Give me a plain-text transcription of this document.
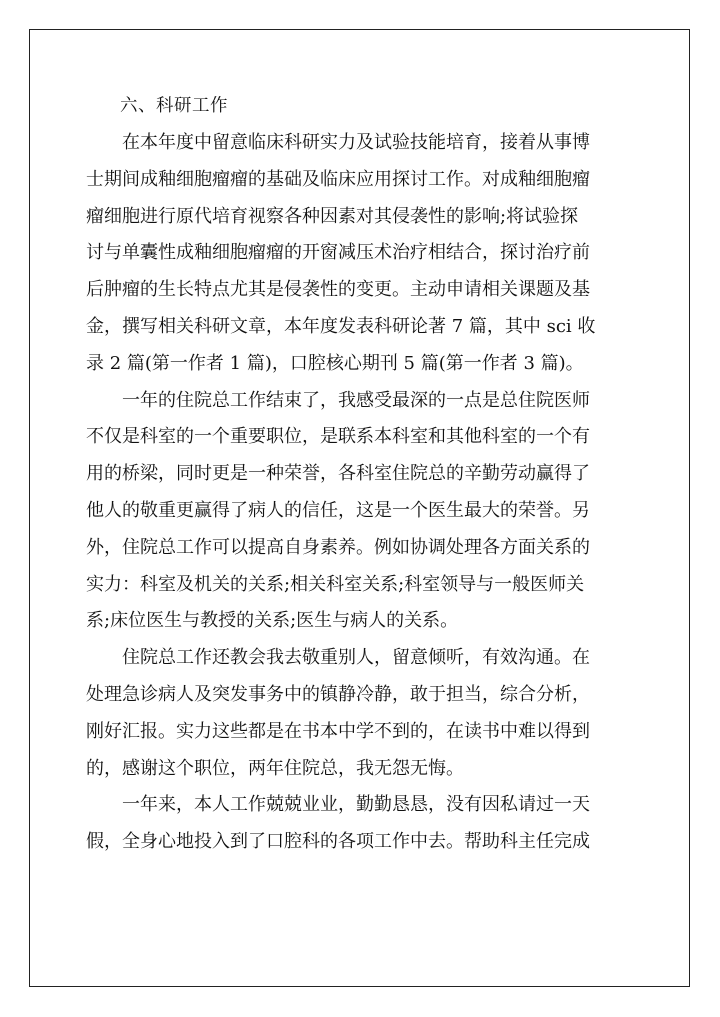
六、科研工作
在本年度中留意临床科研实力及试验技能培育，接着从事博
士期间成釉细胞瘤瘤的基础及临床应用探讨工作。对成釉细胞瘤
瘤细胞进行原代培育视察各种因素对其侵袭性的影响;将试验探
讨与单囊性成釉细胞瘤瘤的开窗减压术治疗相结合，探讨治疗前
后肿瘤的生长特点尤其是侵袭性的变更。主动申请相关课题及基
金，撰写相关科研文章，本年度发表科研论著 7 篇，其中 sci 收
录 2 篇(第一作者 1 篇)，口腔核心期刊 5 篇(第一作者 3 篇)。
一年的住院总工作结束了，我感受最深的一点是总住院医师
不仅是科室的一个重要职位，是联系本科室和其他科室的一个有
用的桥梁，同时更是一种荣誉，各科室住院总的辛勤劳动赢得了
他人的敬重更赢得了病人的信任，这是一个医生最大的荣誉。另
外，住院总工作可以提高自身素养。例如协调处理各方面关系的
实力：科室及机关的关系;相关科室关系;科室领导与一般医师关
系;床位医生与教授的关系;医生与病人的关系。
住院总工作还教会我去敬重别人，留意倾听，有效沟通。在
处理急诊病人及突发事务中的镇静冷静，敢于担当，综合分析，
刚好汇报。实力这些都是在书本中学不到的，在读书中难以得到
的，感谢这个职位，两年住院总，我无怨无悔。
一年来，本人工作兢兢业业，勤勤恳恳，没有因私请过一天
假，全身心地投入到了口腔科的各项工作中去。帮助科主任完成
